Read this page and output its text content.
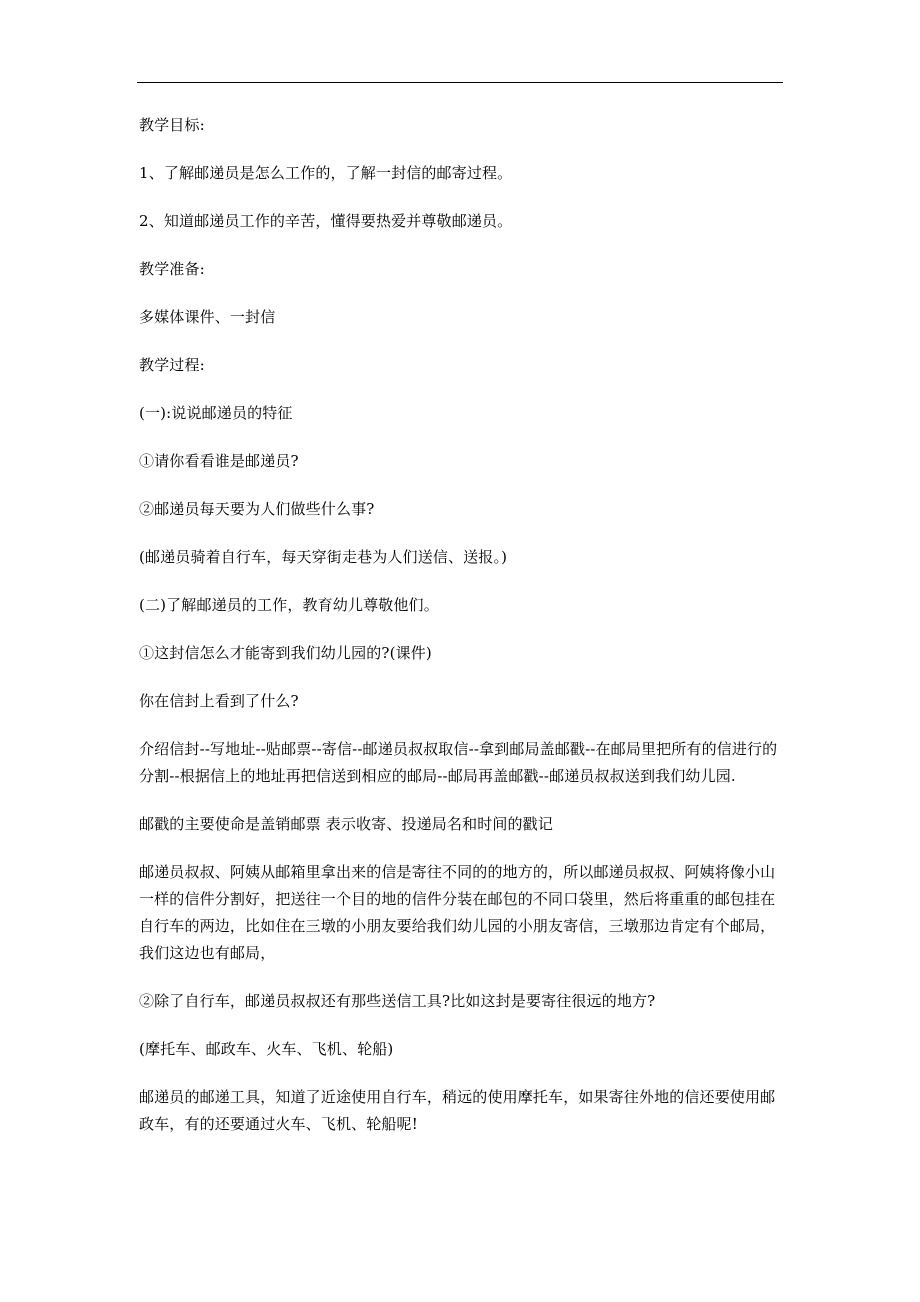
教学目标:

1、了解邮递员是怎么工作的，了解一封信的邮寄过程。

2、知道邮递员工作的辛苦，懂得要热爱并尊敬邮递员。

教学准备:

多媒体课件、一封信

教学过程:

(一):说说邮递员的特征

①请你看看谁是邮递员?

②邮递员每天要为人们做些什么事?

(邮递员骑着自行车，每天穿街走巷为人们送信、送报。)

(二)了解邮递员的工作，教育幼儿尊敬他们。

①这封信怎么才能寄到我们幼儿园的?(课件)

你在信封上看到了什么?

介绍信封--写地址--贴邮票--寄信--邮递员叔叔取信--拿到邮局盖邮戳--在邮局里把所有的信进行的分割--根据信上的地址再把信送到相应的邮局--邮局再盖邮戳--邮递员叔叔送到我们幼儿园.

邮戳的主要使命是盖销邮票 表示收寄、投递局名和时间的戳记

邮递员叔叔、阿姨从邮箱里拿出来的信是寄往不同的的地方的，所以邮递员叔叔、阿姨将像小山一样的信件分割好，把送往一个目的地的信件分装在邮包的不同口袋里，然后将重重的邮包挂在自行车的两边，比如住在三墩的小朋友要给我们幼儿园的小朋友寄信，三墩那边肯定有个邮局，我们这边也有邮局，

②除了自行车，邮递员叔叔还有那些送信工具?比如这封是要寄往很远的地方?

(摩托车、邮政车、火车、飞机、轮船)

邮递员的邮递工具，知道了近途使用自行车，稍远的使用摩托车，如果寄往外地的信还要使用邮政车，有的还要通过火车、飞机、轮船呢!
